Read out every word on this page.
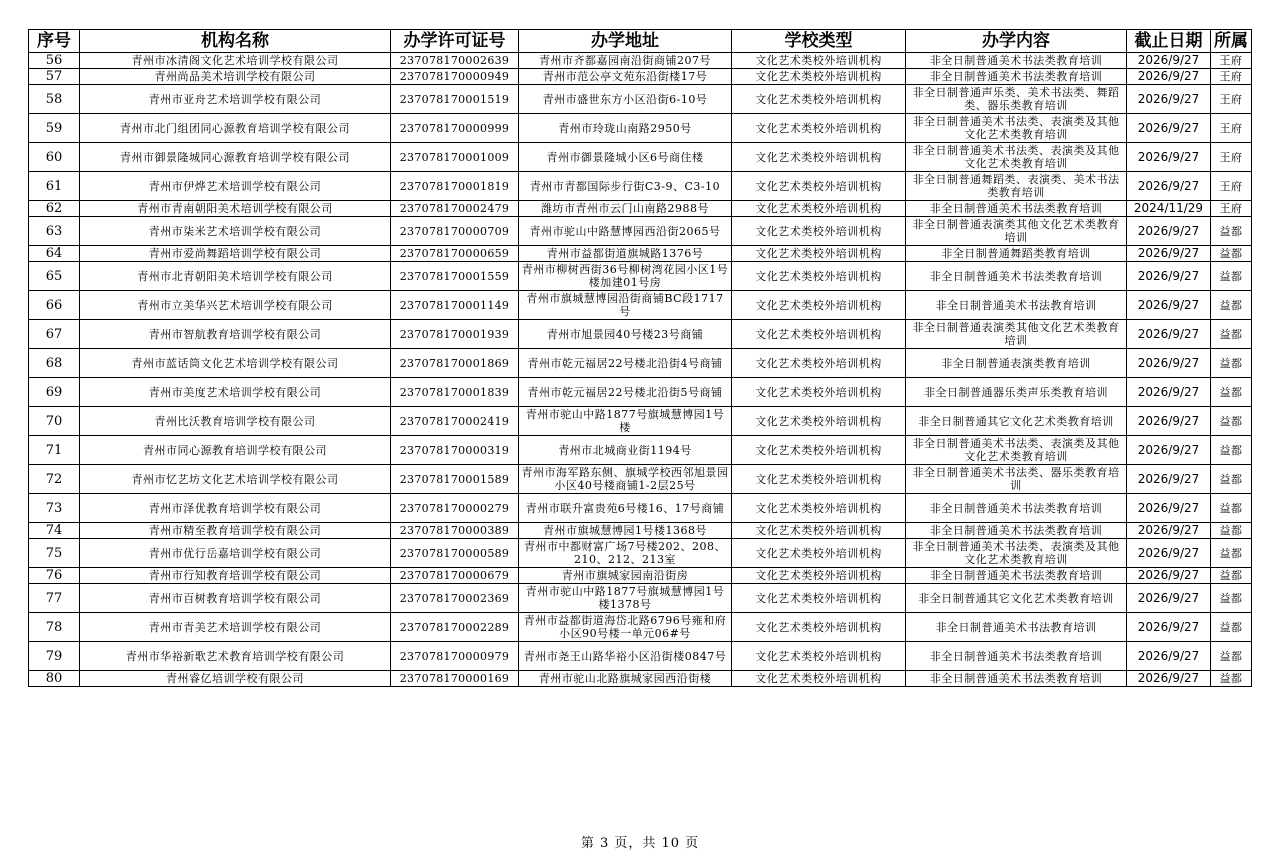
序号	机构名称	办学许可证号	办学地址	学校类型	办学内容	截止日期	所属
56	青州市冰清阁文化艺术培训学校有限公司	237078170002639	青州市齐都嘉园南沿街商铺207号	文化艺术类校外培训机构	非全日制普通美术书法类教育培训	2026/9/27	王府
57	青州尚品美术培训学校有限公司	237078170000949	青州市范公亭文苑东沿街楼17号	文化艺术类校外培训机构	非全日制普通美术书法类教育培训	2026/9/27	王府
58	青州市亚舟艺术培训学校有限公司	237078170001519	青州市盛世东方小区沿街6-10号	文化艺术类校外培训机构	非全日制普通声乐类、美术书法类、舞蹈类、器乐类教育培训	2026/9/27	王府
59	青州市北门组团同心源教育培训学校有限公司	237078170000999	青州市玲珑山南路2950号	文化艺术类校外培训机构	非全日制普通美术书法类、表演类及其他文化艺术类教育培训	2026/9/27	王府
60	青州市御景隆城同心源教育培训学校有限公司	237078170001009	青州市御景隆城小区6号商住楼	文化艺术类校外培训机构	非全日制普通美术书法类、表演类及其他文化艺术类教育培训	2026/9/27	王府
61	青州市伊烨艺术培训学校有限公司	237078170001819	青州市青都国际步行街C3-9、C3-10	文化艺术类校外培训机构	非全日制普通舞蹈类、表演类、美术书法类教育培训	2026/9/27	王府
62	青州市青南朝阳美术培训学校有限公司	237078170002479	潍坊市青州市云门山南路2988号	文化艺术类校外培训机构	非全日制普通美术书法类教育培训	2024/11/29	王府
63	青州市柒米艺术培训学校有限公司	237078170000709	青州市驼山中路慧博园西沿街2065号	文化艺术类校外培训机构	非全日制普通表演类其他文化艺术类教育培训	2026/9/27	益都
64	青州市爱尚舞蹈培训学校有限公司	237078170000659	青州市益都街道旗城路1376号	文化艺术类校外培训机构	非全日制普通舞蹈类教育培训	2026/9/27	益都
65	青州市北青朝阳美术培训学校有限公司	237078170001559	青州市柳树西街36号柳树湾花园小区1号楼加建01号房	文化艺术类校外培训机构	非全日制普通美术书法类教育培训	2026/9/27	益都
66	青州市立美华兴艺术培训学校有限公司	237078170001149	青州市旗城慧博园沿街商铺BC段1717号	文化艺术类校外培训机构	非全日制普通美术书法教育培训	2026/9/27	益都
67	青州市智航教育培训学校有限公司	237078170001939	青州市旭景园40号楼23号商铺	文化艺术类校外培训机构	非全日制普通表演类其他文化艺术类教育培训	2026/9/27	益都
68	青州市蓝话筒文化艺术培训学校有限公司	237078170001869	青州市乾元福居22号楼北沿街4号商铺	文化艺术类校外培训机构	非全日制普通表演类教育培训	2026/9/27	益都
69	青州市美度艺术培训学校有限公司	237078170001839	青州市乾元福居22号楼北沿街5号商铺	文化艺术类校外培训机构	非全日制普通器乐类声乐类教育培训	2026/9/27	益都
70	青州比沃教育培训学校有限公司	237078170002419	青州市驼山中路1877号旗城慧博园1号楼	文化艺术类校外培训机构	非全日制普通其它文化艺术类教育培训	2026/9/27	益都
71	青州市同心源教育培训学校有限公司	237078170000319	青州市北城商业街1194号	文化艺术类校外培训机构	非全日制普通美术书法类、表演类及其他文化艺术类教育培训	2026/9/27	益都
72	青州市忆艺坊文化艺术培训学校有限公司	237078170001589	青州市海军路东侧、旗城学校西邻旭景园小区40号楼商铺1-2层25号	文化艺术类校外培训机构	非全日制普通美术书法类、器乐类教育培训	2026/9/27	益都
73	青州市泽优教育培训学校有限公司	237078170000279	青州市联升富贵苑6号楼16、17号商铺	文化艺术类校外培训机构	非全日制普通美术书法类教育培训	2026/9/27	益都
74	青州市精至教育培训学校有限公司	237078170000389	青州市旗城慧博园1号楼1368号	文化艺术类校外培训机构	非全日制普通美术书法类教育培训	2026/9/27	益都
75	青州市优行岳嘉培训学校有限公司	237078170000589	青州市中都财富广场7号楼202、208、210、212、213室	文化艺术类校外培训机构	非全日制普通美术书法类、表演类及其他文化艺术类教育培训	2026/9/27	益都
76	青州市行知教育培训学校有限公司	237078170000679	青州市旗城家园南沿街房	文化艺术类校外培训机构	非全日制普通美术书法类教育培训	2026/9/27	益都
77	青州市百树教育培训学校有限公司	237078170002369	青州市驼山中路1877号旗城慧博园1号楼1378号	文化艺术类校外培训机构	非全日制普通其它文化艺术类教育培训	2026/9/27	益都
78	青州市青美艺术培训学校有限公司	237078170002289	青州市益都街道海岱北路6796号雍和府小区90号楼一单元06#号	文化艺术类校外培训机构	非全日制普通美术书法教育培训	2026/9/27	益都
79	青州市华裕新歌艺术教育培训学校有限公司	237078170000979	青州市尧王山路华裕小区沿街楼0847号	文化艺术类校外培训机构	非全日制普通美术书法类教育培训	2026/9/27	益都
80	青州睿亿培训学校有限公司	237078170000169	青州市驼山北路旗城家园西沿街楼	文化艺术类校外培训机构	非全日制普通美术书法类教育培训	2026/9/27	益都
第 3 页，共 10 页
